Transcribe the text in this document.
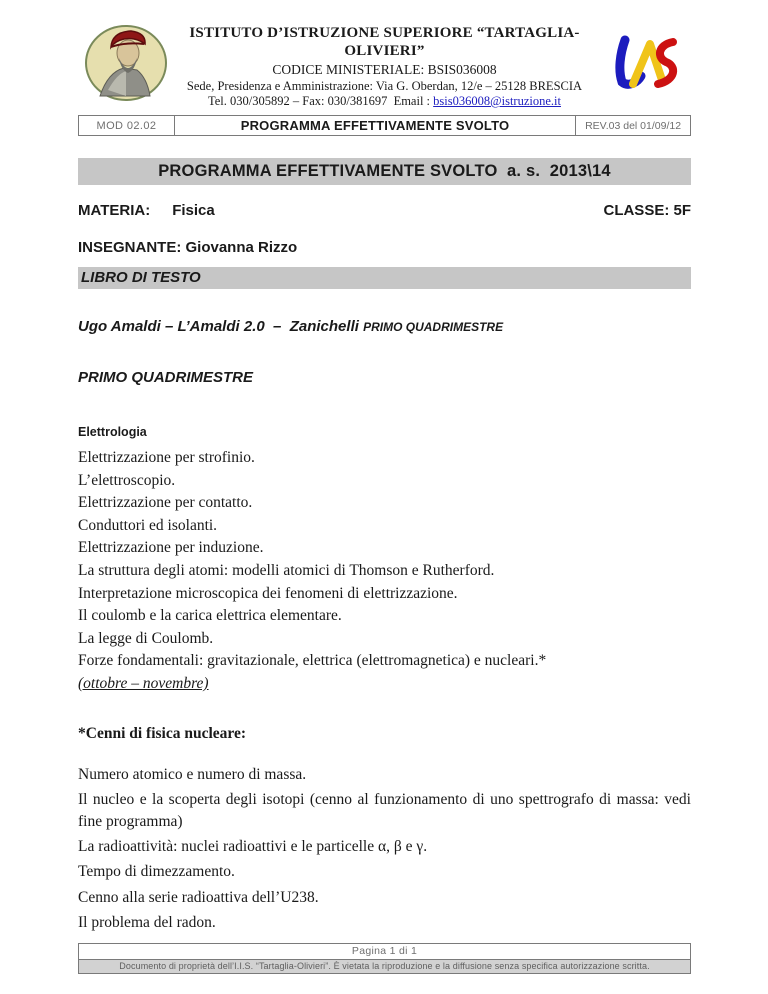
ISTITUTO D’ISTRUZIONE SUPERIORE “TARTAGLIA-OLIVIERI”
CODICE MINISTERIALE: BSIS036008
Sede, Presidenza e Amministrazione: Via G. Oberdan, 12/e – 25128 BRESCIA
Tel. 030/305892 – Fax: 030/381697  Email : bsis036008@istruzione.it
MOD 02.02	PROGRAMMA EFFETTIVAMENTE SVOLTO	REV.03 del 01/09/12
PROGRAMMA EFFETTIVAMENTE SVOLTO  a. s.  2013\14
MATERIA: Fisica	CLASSE: 5F
INSEGNANTE: Giovanna Rizzo
LIBRO DI TESTO
Ugo Amaldi – L’Amaldi 2.0  –  Zanichelli PRIMO QUADRIMESTRE
PRIMO QUADRIMESTRE
Elettrologia
Elettrizzazione per strofinio.
L’elettroscopio.
Elettrizzazione per contatto.
Conduttori ed isolanti.
Elettrizzazione per induzione.
La struttura degli atomi: modelli atomici di Thomson e Rutherford.
Interpretazione microscopica dei fenomeni di elettrizzazione.
Il coulomb e la carica elettrica elementare.
La legge di Coulomb.
Forze fondamentali: gravitazionale, elettrica (elettromagnetica) e nucleari.*
(ottobre – novembre)
*Cenni di fisica nucleare:
Numero atomico e numero di massa.
Il nucleo e la scoperta degli isotopi (cenno al funzionamento di uno spettrografo di massa: vedi fine programma)
La radioattività: nuclei radioattivi e le particelle α, β e γ.
Tempo di dimezzamento.
Cenno alla serie radioattiva dell’U238.
Il problema del radon.
Pagina 1 di 1
Documento di proprietà dell’I.I.S. “Tartaglia-Olivieri”. È vietata la riproduzione e la diffusione senza specifica autorizzazione scritta.
